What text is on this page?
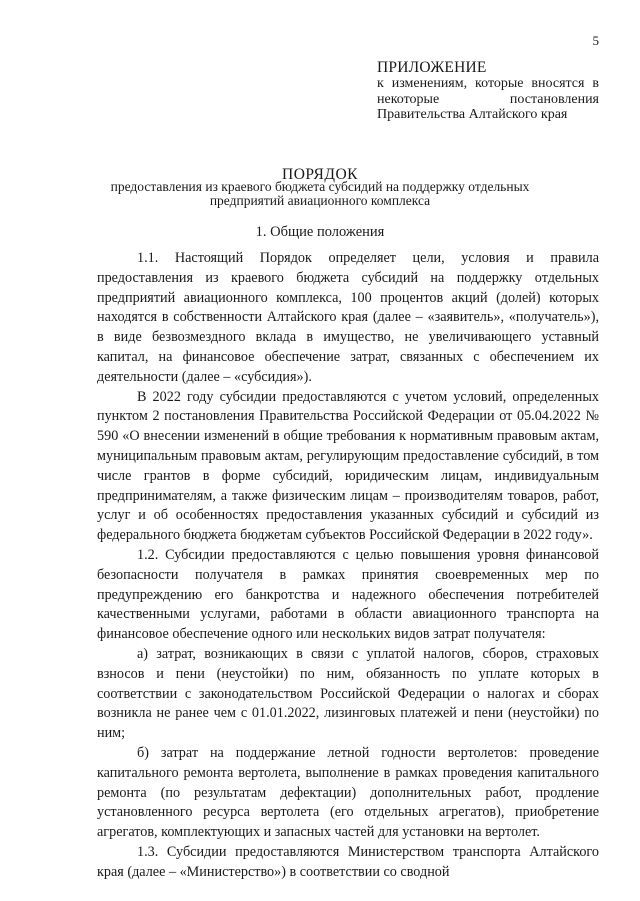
5
ПРИЛОЖЕНИЕ
к изменениям, которые вносятся в
некоторые постановления
Правительства Алтайского края
ПОРЯДОК
предоставления из краевого бюджета субсидий на поддержку отдельных предприятий авиационного комплекса
1. Общие положения

1.1. Настоящий Порядок определяет цели, условия и правила предоставления из краевого бюджета субсидий на поддержку отдельных предприятий авиационного комплекса, 100 процентов акций (долей) которых находятся в собственности Алтайского края (далее – «заявитель», «получатель»), в виде безвозмездного вклада в имущество, не увеличивающего уставный капитал, на финансовое обеспечение затрат, связанных с обеспечением их деятельности (далее – «субсидия»).

В 2022 году субсидии предоставляются с учетом условий, определенных пунктом 2 постановления Правительства Российской Федерации от 05.04.2022 № 590 «О внесении изменений в общие требования к нормативным правовым актам, муниципальным правовым актам, регулирующим предоставление субсидий, в том числе грантов в форме субсидий, юридическим лицам, индивидуальным предпринимателям, а также физическим лицам – производителям товаров, работ, услуг и об особенностях предоставления указанных субсидий и субсидий из федерального бюджета бюджетам субъектов Российской Федерации в 2022 году».

1.2. Субсидии предоставляются с целью повышения уровня финансовой безопасности получателя в рамках принятия своевременных мер по предупреждению его банкротства и надежного обеспечения потребителей качественными услугами, работами в области авиационного транспорта на финансовое обеспечение одного или нескольких видов затрат получателя:

а) затрат, возникающих в связи с уплатой налогов, сборов, страховых взносов и пени (неустойки) по ним, обязанность по уплате которых в соответствии с законодательством Российской Федерации о налогах и сборах возникла не ранее чем с 01.01.2022, лизинговых платежей и пени (неустойки) по ним;

б) затрат на поддержание летной годности вертолетов: проведение капитального ремонта вертолета, выполнение в рамках проведения капитального ремонта (по результатам дефектации) дополнительных работ, продление установленного ресурса вертолета (его отдельных агрегатов), приобретение агрегатов, комплектующих и запасных частей для установки на вертолет.

1.3. Субсидии предоставляются Министерством транспорта Алтайского края (далее – «Министерство») в соответствии со сводной
